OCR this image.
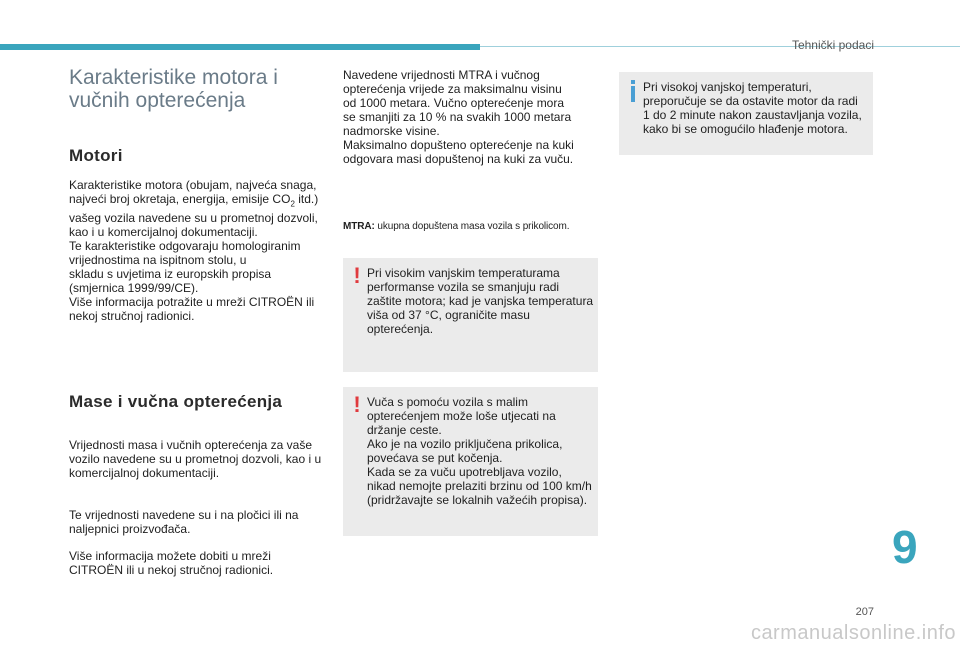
Tehnički podaci
Karakteristike motora i
vučnih opterećenja
Motori

Karakteristike motora (obujam, najveća snaga,
najveći broj okretaja, energija, emisije $CO_2$ itd.)
vašeg vozila navedene su u prometnoj dozvoli,
kao i u komercijalnoj dokumentaciji.
Te karakteristike odgovaraju homologiranim
vrijednostima na ispitnom stolu, u
skladu s uvjetima iz europskih propisa
(smjernica 1999/99/CE).
Više informacija potražite u mreži CITROËN ili
nekoj stručnoj radionici.

Mase i vučna opterećenja

Vrijednosti masa i vučnih opterećenja za vaše
vozilo navedene su u prometnoj dozvoli, kao i u
komercijalnoj dokumentaciji.

Te vrijednosti navedene su i na pločici ili na
naljepnici proizvođača.

Više informacija možete dobiti u mreži
CITROËN ili u nekoj stručnoj radionici.

Navedene vrijednosti MTRA i vučnog
opterećenja vrijede za maksimalnu visinu
od 1000 metara. Vučno opterećenje mora
se smanjiti za 10 % na svakih 1000 metara
nadmorske visine.
Maksimalno dopušteno opterećenje na kuki
odgovara masi dopuštenoj na kuki za vuču.

MTRA: ukupna dopuštena masa vozila s prikolicom.
! Pri visokim vanjskim temperaturama
performanse vozila se smanjuju radi
zaštite motora; kad je vanjska temperatura
viša od 37 °C, ograničite masu
opterećenja.
! Vuča s pomoću vozila s malim
opterećenjem može loše utjecati na
držanje ceste.
Ako je na vozilo priključena prikolica,
povećava se put kočenja.
Kada se za vuču upotrebljava vozilo,
nikad nemojte prelaziti brzinu od 100 km/h
(pridržavajte se lokalnih važećih propisa).
Pri visokoj vanjskoj temperaturi,
preporučuje se da ostavite motor da radi
1 do 2 minute nakon zaustavljanja vozila,
kako bi se omogućilo hlađenje motora.
9
207
carmanualsonline.info
